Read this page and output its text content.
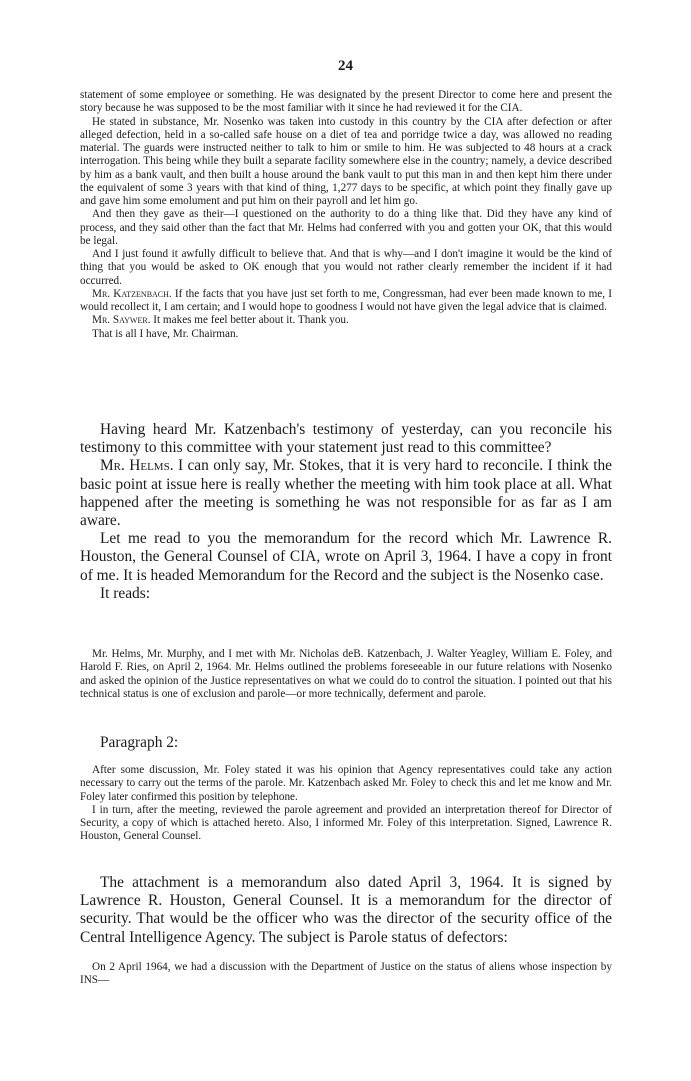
24

statement of some employee or something. He was designated by the present Director to come here and present the story because he was supposed to be the most familiar with it since he had reviewed it for the CIA.

He stated in substance, Mr. Nosenko was taken into custody in this country by the CIA after defection or after alleged defection, held in a so-called safe house on a diet of tea and porridge twice a day, was allowed no reading material. The guards were instructed neither to talk to him or smile to him. He was subjected to 48 hours at a crack interrogation. This being while they built a separate facility somewhere else in the country; namely, a device described by him as a bank vault, and then built a house around the bank vault to put this man in and then kept him there under the equivalent of some 3 years with that kind of thing, 1,277 days to be specific, at which point they finally gave up and gave him some emolument and put him on their payroll and let him go.

And then they gave as their—I questioned on the authority to do a thing like that. Did they have any kind of process, and they said other than the fact that Mr. Helms had conferred with you and gotten your OK, that this would be legal.

And I just found it awfully difficult to believe that. And that is why—and I don't imagine it would be the kind of thing that you would be asked to OK enough that you would not rather clearly remember the incident if it had occurred.

Mr. Katzenbach. If the facts that you have just set forth to me, Congressman, had ever been made known to me, I would recollect it, I am certain; and I would hope to goodness I would not have given the legal advice that is claimed.

Mr. Saywer. It makes me feel better about it. Thank you.

That is all I have, Mr. Chairman.

Having heard Mr. Katzenbach's testimony of yesterday, can you reconcile his testimony to this committee with your statement just read to this committee?

Mr. Helms. I can only say, Mr. Stokes, that it is very hard to reconcile. I think the basic point at issue here is really whether the meeting with him took place at all. What happened after the meeting is something he was not responsible for as far as I am aware.

Let me read to you the memorandum for the record which Mr. Lawrence R. Houston, the General Counsel of CIA, wrote on April 3, 1964. I have a copy in front of me. It is headed Memorandum for the Record and the subject is the Nosenko case.

It reads:

Mr. Helms, Mr. Murphy, and I met with Mr. Nicholas deB. Katzenbach, J. Walter Yeagley, William E. Foley, and Harold F. Ries, on April 2, 1964. Mr. Helms outlined the problems foreseeable in our future relations with Nosenko and asked the opinion of the Justice representatives on what we could do to control the situation. I pointed out that his technical status is one of exclusion and parole—or more technically, deferment and parole.

Paragraph 2:

After some discussion, Mr. Foley stated it was his opinion that Agency representatives could take any action necessary to carry out the terms of the parole. Mr. Katzenbach asked Mr. Foley to check this and let me know and Mr. Foley later confirmed this position by telephone.

I in turn, after the meeting, reviewed the parole agreement and provided an interpretation thereof for Director of Security, a copy of which is attached hereto. Also, I informed Mr. Foley of this interpretation. Signed, Lawrence R. Houston, General Counsel.

The attachment is a memorandum also dated April 3, 1964. It is signed by Lawrence R. Houston, General Counsel. It is a memorandum for the director of security. That would be the officer who was the director of the security office of the Central Intelligence Agency. The subject is Parole status of defectors:

On 2 April 1964, we had a discussion with the Department of Justice on the status of aliens whose inspection by INS—
